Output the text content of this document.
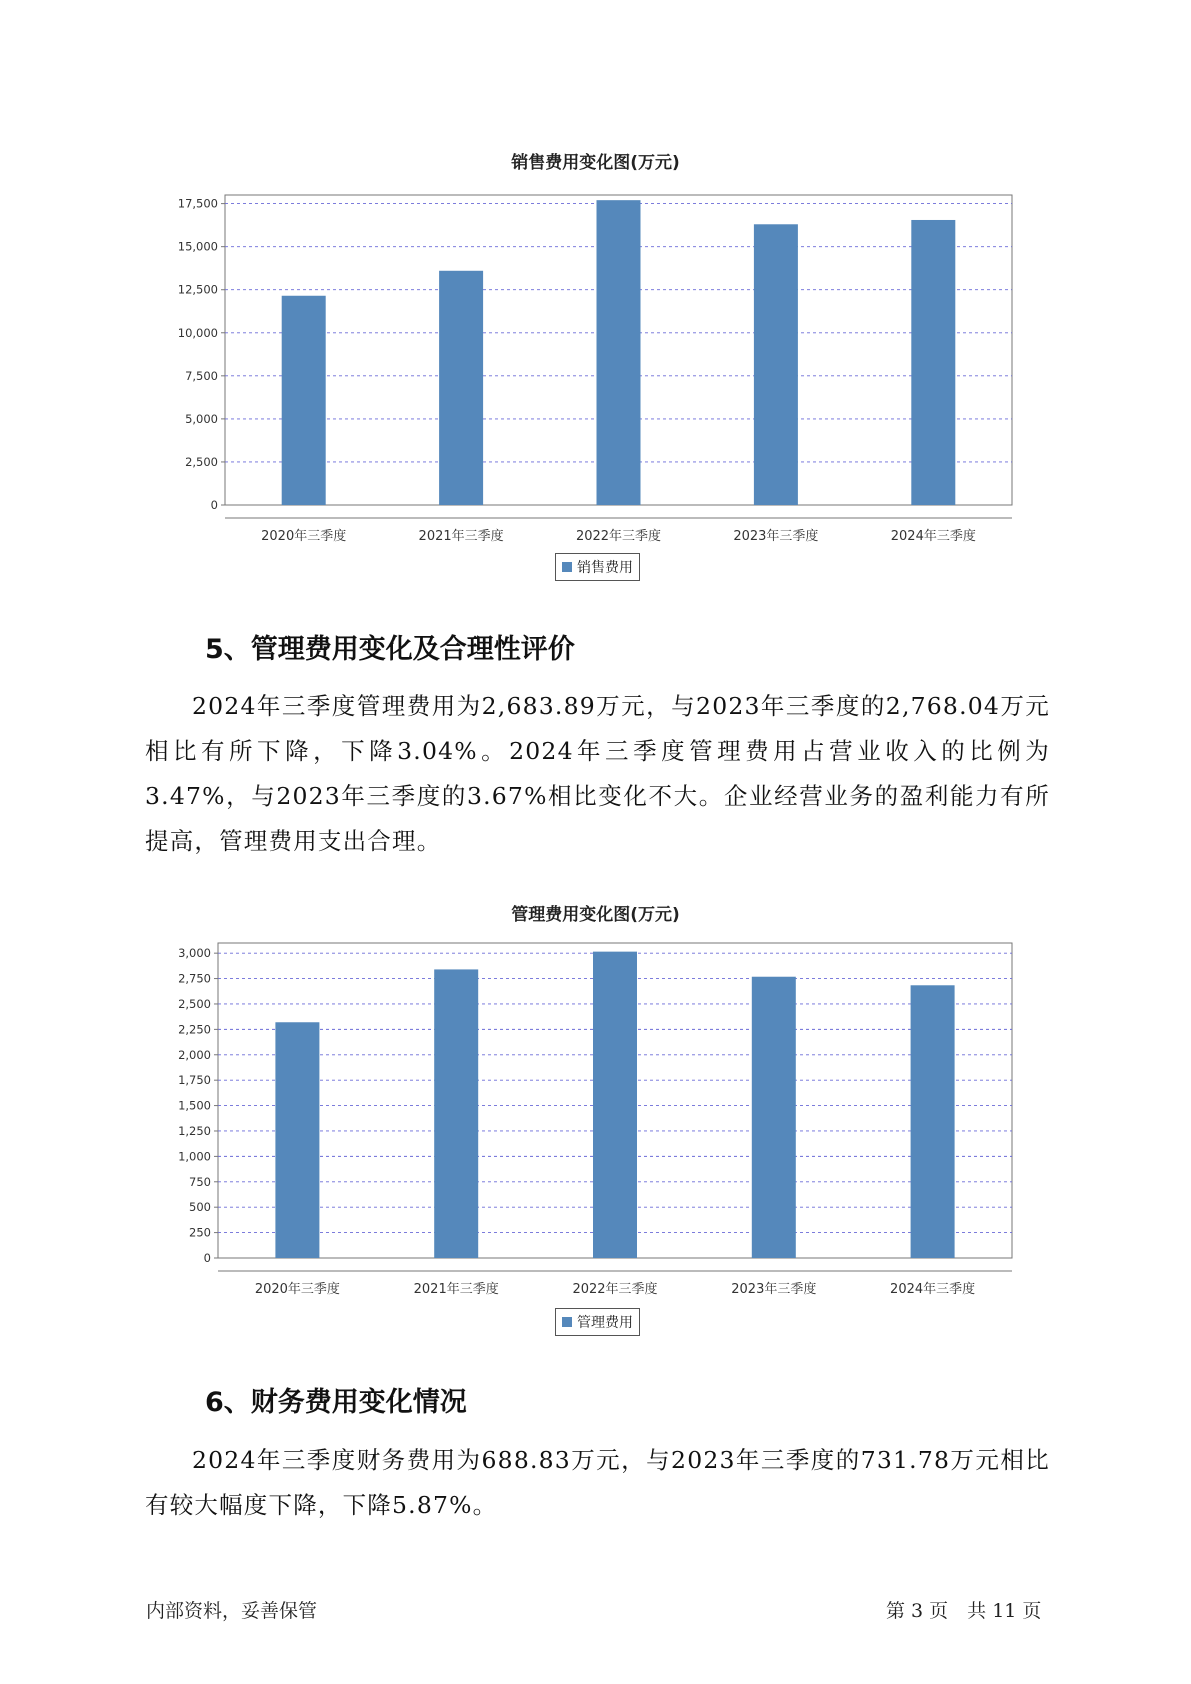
销售费用变化图(万元)
0
2,500
5,000
7,500
10,000
12,500
15,000
17,500
2020年三季度	2021年三季度	2022年三季度	2023年三季度	2024年三季度
销售费用
5、管理费用变化及合理性评价
2024年三季度管理费用为2,683.89万元，与2023年三季度的2,768.04万元相比有所下降，下降3.04%。2024年三季度管理费用占营业收入的比例为3.47%，与2023年三季度的3.67%相比变化不大。企业经营业务的盈利能力有所提高，管理费用支出合理。
管理费用变化图(万元)
0
250
500
750
1,000
1,250
1,500
1,750
2,000
2,250
2,500
2,750
3,000
2020年三季度	2021年三季度	2022年三季度	2023年三季度	2024年三季度
管理费用
6、财务费用变化情况
2024年三季度财务费用为688.83万元，与2023年三季度的731.78万元相比有较大幅度下降，下降5.87%。
内部资料，妥善保管	第 3 页　共 11 页
